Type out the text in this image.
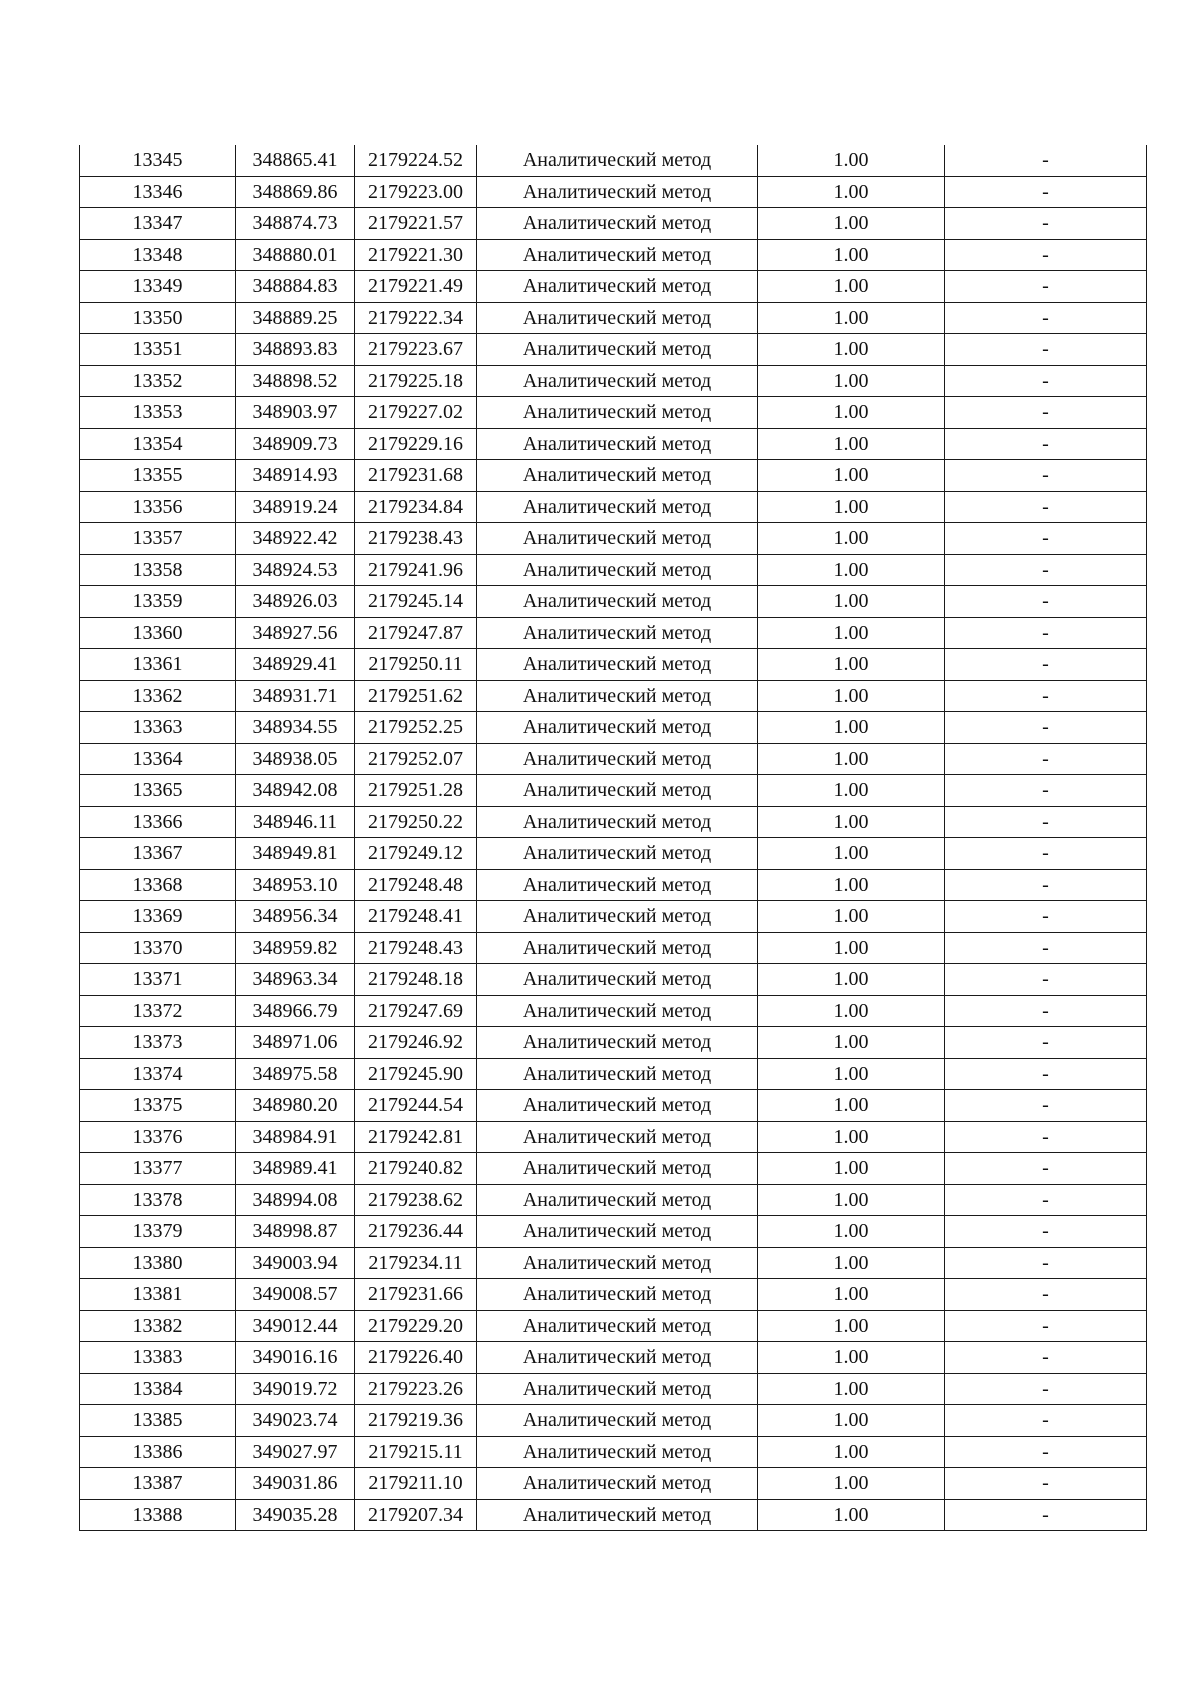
13345	348865.41	2179224.52	Аналитический метод	1.00	-
13346	348869.86	2179223.00	Аналитический метод	1.00	-
13347	348874.73	2179221.57	Аналитический метод	1.00	-
13348	348880.01	2179221.30	Аналитический метод	1.00	-
13349	348884.83	2179221.49	Аналитический метод	1.00	-
13350	348889.25	2179222.34	Аналитический метод	1.00	-
13351	348893.83	2179223.67	Аналитический метод	1.00	-
13352	348898.52	2179225.18	Аналитический метод	1.00	-
13353	348903.97	2179227.02	Аналитический метод	1.00	-
13354	348909.73	2179229.16	Аналитический метод	1.00	-
13355	348914.93	2179231.68	Аналитический метод	1.00	-
13356	348919.24	2179234.84	Аналитический метод	1.00	-
13357	348922.42	2179238.43	Аналитический метод	1.00	-
13358	348924.53	2179241.96	Аналитический метод	1.00	-
13359	348926.03	2179245.14	Аналитический метод	1.00	-
13360	348927.56	2179247.87	Аналитический метод	1.00	-
13361	348929.41	2179250.11	Аналитический метод	1.00	-
13362	348931.71	2179251.62	Аналитический метод	1.00	-
13363	348934.55	2179252.25	Аналитический метод	1.00	-
13364	348938.05	2179252.07	Аналитический метод	1.00	-
13365	348942.08	2179251.28	Аналитический метод	1.00	-
13366	348946.11	2179250.22	Аналитический метод	1.00	-
13367	348949.81	2179249.12	Аналитический метод	1.00	-
13368	348953.10	2179248.48	Аналитический метод	1.00	-
13369	348956.34	2179248.41	Аналитический метод	1.00	-
13370	348959.82	2179248.43	Аналитический метод	1.00	-
13371	348963.34	2179248.18	Аналитический метод	1.00	-
13372	348966.79	2179247.69	Аналитический метод	1.00	-
13373	348971.06	2179246.92	Аналитический метод	1.00	-
13374	348975.58	2179245.90	Аналитический метод	1.00	-
13375	348980.20	2179244.54	Аналитический метод	1.00	-
13376	348984.91	2179242.81	Аналитический метод	1.00	-
13377	348989.41	2179240.82	Аналитический метод	1.00	-
13378	348994.08	2179238.62	Аналитический метод	1.00	-
13379	348998.87	2179236.44	Аналитический метод	1.00	-
13380	349003.94	2179234.11	Аналитический метод	1.00	-
13381	349008.57	2179231.66	Аналитический метод	1.00	-
13382	349012.44	2179229.20	Аналитический метод	1.00	-
13383	349016.16	2179226.40	Аналитический метод	1.00	-
13384	349019.72	2179223.26	Аналитический метод	1.00	-
13385	349023.74	2179219.36	Аналитический метод	1.00	-
13386	349027.97	2179215.11	Аналитический метод	1.00	-
13387	349031.86	2179211.10	Аналитический метод	1.00	-
13388	349035.28	2179207.34	Аналитический метод	1.00	-
